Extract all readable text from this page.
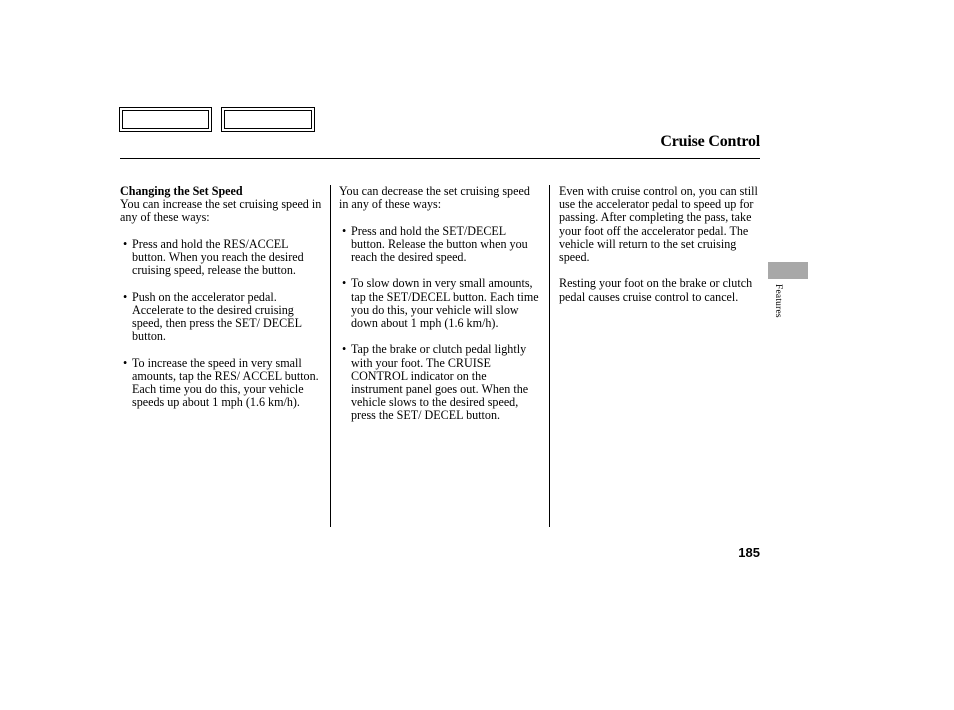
Cruise Control

Changing the Set Speed
You can increase the set cruising speed in any of these ways:

• Press and hold the RES/ACCEL button. When you reach the desired cruising speed, release the button.

• Push on the accelerator pedal. Accelerate to the desired cruising speed, then press the SET/ DECEL button.

• To increase the speed in very small amounts, tap the RES/ ACCEL button. Each time you do this, your vehicle speeds up about 1 mph (1.6 km/h).

You can decrease the set cruising speed in any of these ways:

• Press and hold the SET/DECEL button. Release the button when you reach the desired speed.

• To slow down in very small amounts, tap the SET/DECEL button. Each time you do this, your vehicle will slow down about 1 mph (1.6 km/h).

• Tap the brake or clutch pedal lightly with your foot. The CRUISE CONTROL indicator on the instrument panel goes out. When the vehicle slows to the desired speed, press the SET/ DECEL button.

Even with cruise control on, you can still use the accelerator pedal to speed up for passing. After completing the pass, take your foot off the accelerator pedal. The vehicle will return to the set cruising speed.

Resting your foot on the brake or clutch pedal causes cruise control to cancel.	Features
185
